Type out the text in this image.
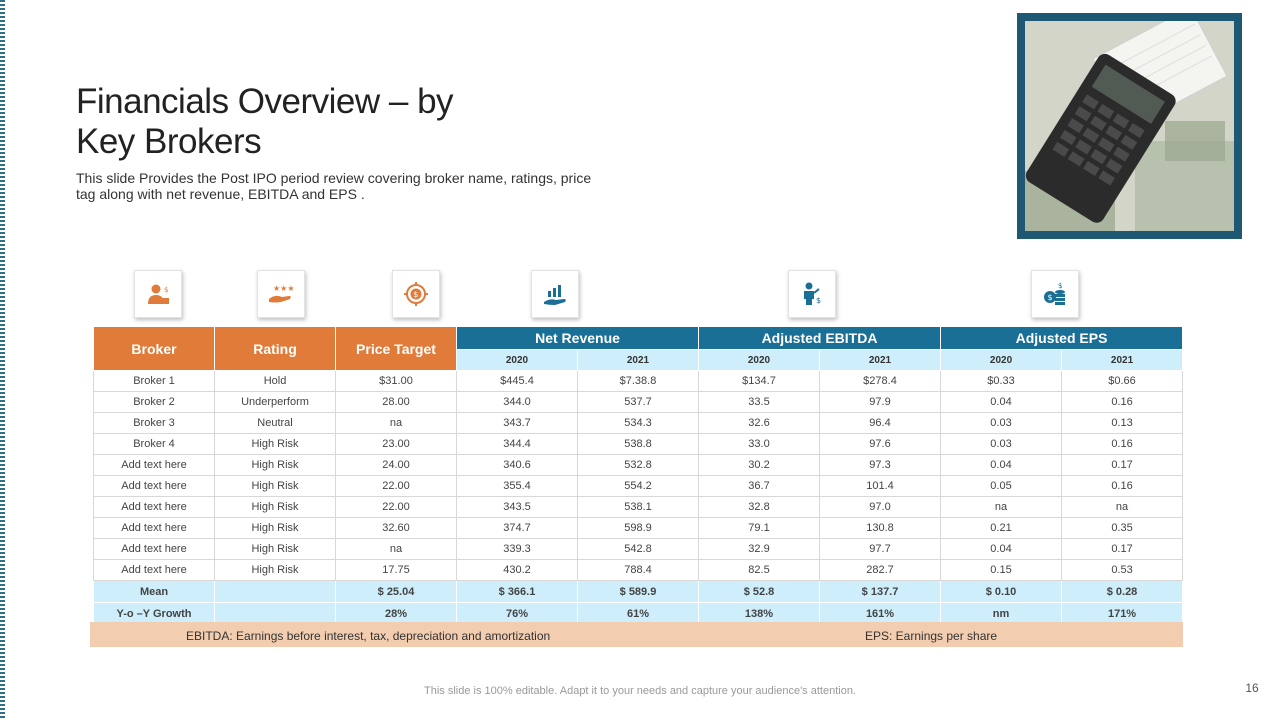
Financials Overview – by
Key Brokers
This slide Provides the Post IPO period review covering broker name, ratings, price tag along with net revenue, EBITDA and EPS .
$	★★★
$
$	$
$
Broker	Rating	Price Target	Net Revenue		Adjusted EBITDA		Adjusted EPS	
			2020	2021	2020	2021	2020	2021
Broker 1	Hold	$31.00	$445.4	$7.38.8	$134.7	$278.4	$0.33	$0.66
Broker 2	Underperform	28.00	344.0	537.7	33.5	97.9	0.04	0.16
Broker 3	Neutral	na	343.7	534.3	32.6	96.4	0.03	0.13
Broker 4	High Risk	23.00	344.4	538.8	33.0	97.6	0.03	0.16
Add text here	High Risk	24.00	340.6	532.8	30.2	97.3	0.04	0.17
Add text here	High Risk	22.00	355.4	554.2	36.7	101.4	0.05	0.16
Add text here	High Risk	22.00	343.5	538.1	32.8	97.0	na	na
Add text here	High Risk	32.60	374.7	598.9	79.1	130.8	0.21	0.35
Add text here	High Risk	na	339.3	542.8	32.9	97.7	0.04	0.17
Add text here	High Risk	17.75	430.2	788.4	82.5	282.7	0.15	0.53
Mean		$ 25.04	$ 366.1	$ 589.9	$ 52.8	$ 137.7	$ 0.10	$ 0.28
Y-o –Y Growth		28%	76%	61%	138%	161%	nm	171%
EBITDA: Earnings before interest, tax, depreciation and amortization	EPS: Earnings per share
This slide is 100% editable. Adapt it to your needs and capture your audience's attention.	16
